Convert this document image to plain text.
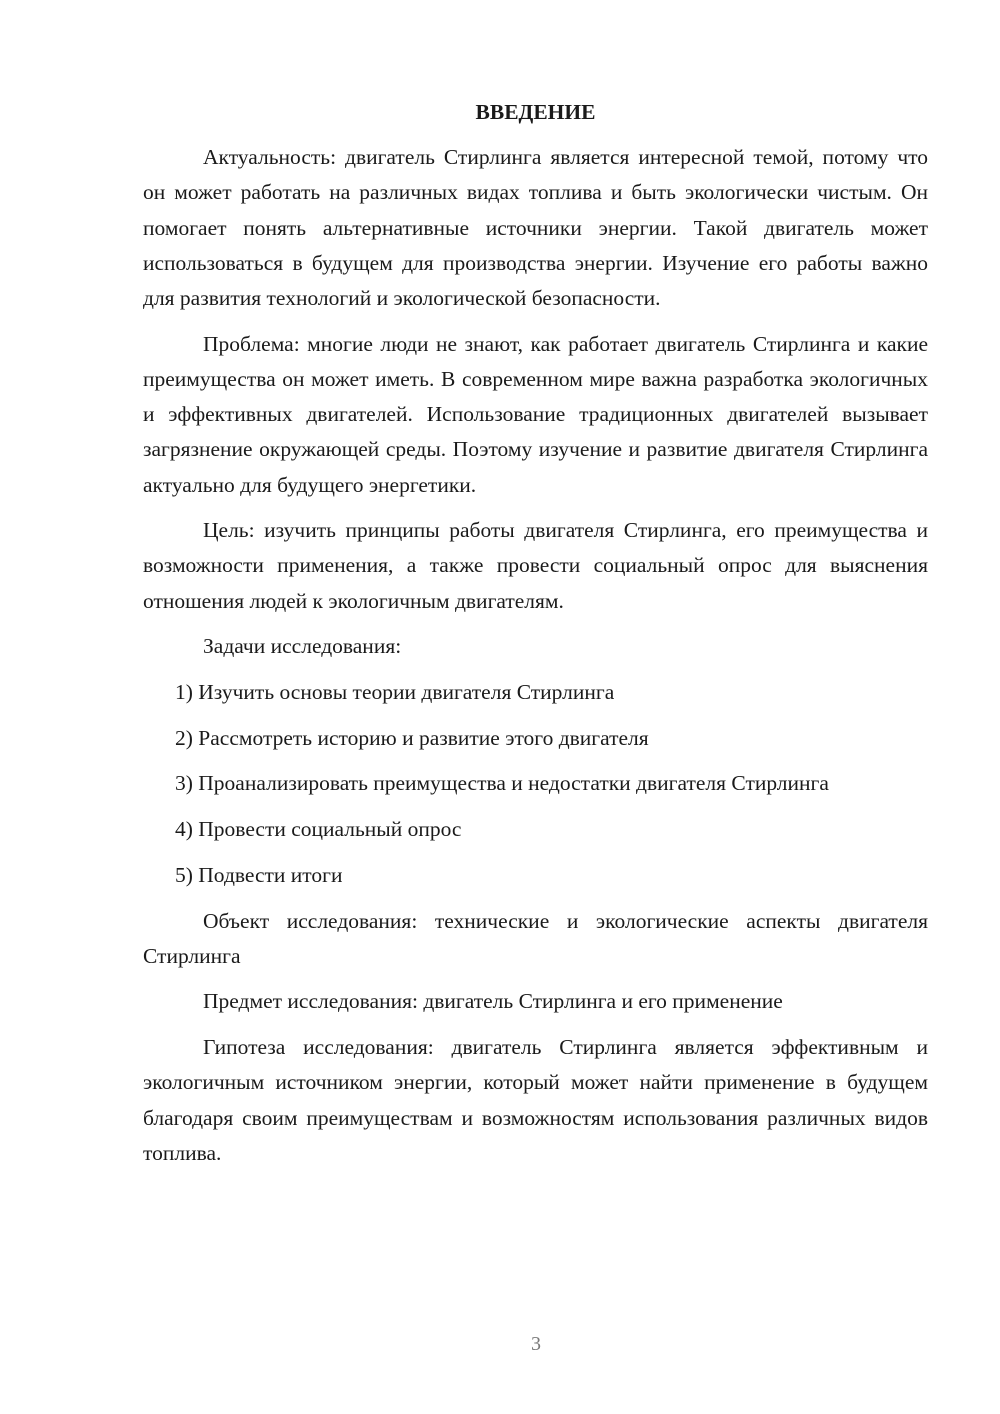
ВВЕДЕНИЕ

Актуальность: двигатель Стирлинга является интересной темой, потому что он может работать на различных видах топлива и быть экологически чистым. Он помогает понять альтернативные источники энергии. Такой двигатель может использоваться в будущем для производства энергии. Изучение его работы важно для развития технологий и экологической безопасности.

Проблема: многие люди не знают, как работает двигатель Стирлинга и какие преимущества он может иметь. В современном мире важна разработка экологичных и эффективных двигателей. Использование традиционных двигателей вызывает загрязнение окружающей среды. Поэтому изучение и развитие двигателя Стирлинга актуально для будущего энергетики.

Цель: изучить принципы работы двигателя Стирлинга, его преимущества и возможности применения, а также провести социальный опрос для выяснения отношения людей к экологичным двигателям.

Задачи исследования:

1) Изучить основы теории двигателя Стирлинга

2) Рассмотреть историю и развитие этого двигателя

3) Проанализировать преимущества и недостатки двигателя Стирлинга

4) Провести социальный опрос

5) Подвести итоги

Объект исследования: технические и экологические аспекты двигателя Стирлинга

Предмет исследования: двигатель Стирлинга и его применение

Гипотеза исследования: двигатель Стирлинга является эффективным и экологичным источником энергии, который может найти применение в будущем благодаря своим преимуществам и возможностям использования различных видов топлива.

3
